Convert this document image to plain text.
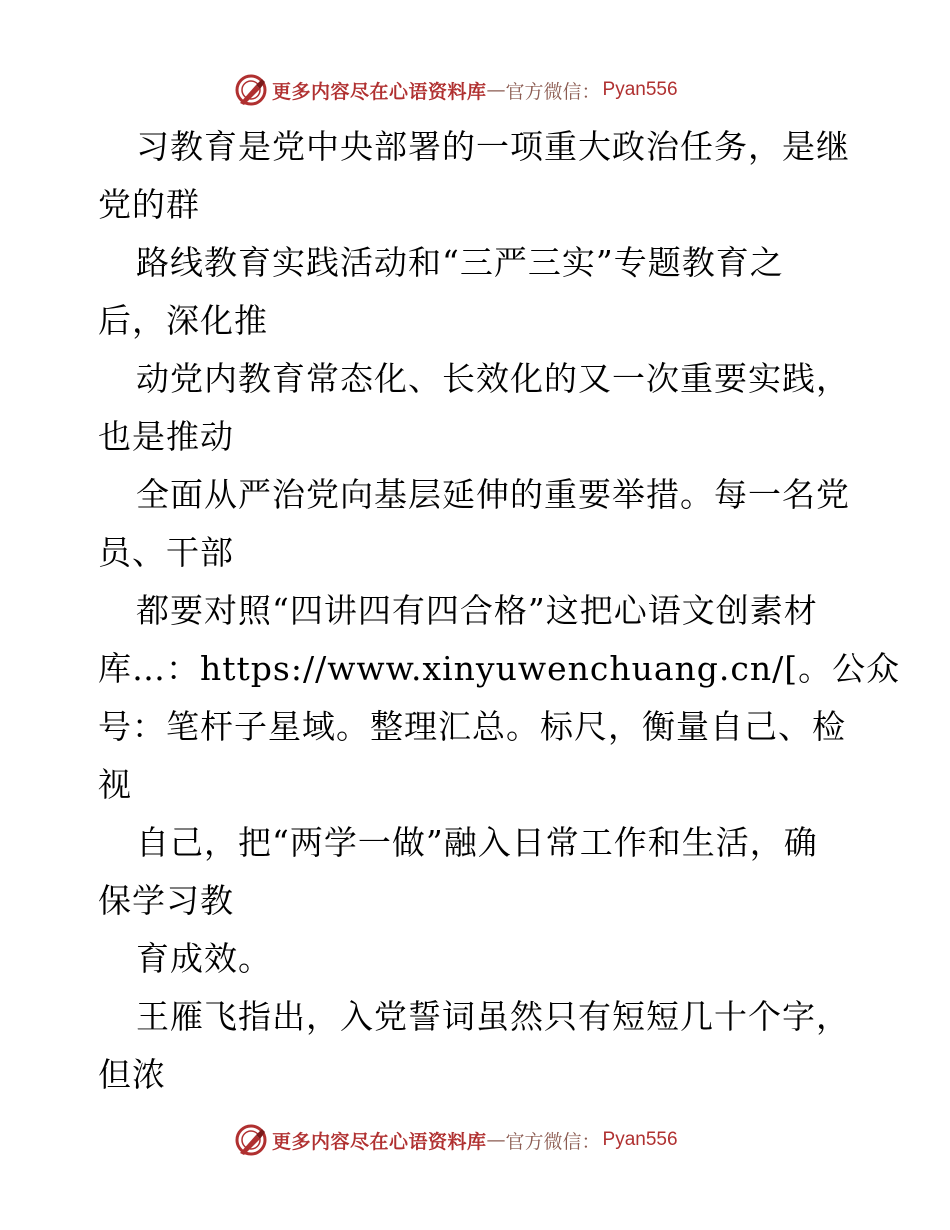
更多内容尽在心语资料库 — 官方微信： Pyan556
习教育是党中央部署的一项重大政治任务，是继
党的群
路线教育实践活动和“三严三实”专题教育之
后，深化推
动党内教育常态化、长效化的又一次重要实践，
也是推动
全面从严治党向基层延伸的重要举措。每一名党
员、干部
都要对照“四讲四有四合格”这把心语文创素材
库…：https://www.xinyuwenchuang.cn/[。公众
号：笔杆子星域。整理汇总。标尺，衡量自己、检
视
自己，把“两学一做”融入日常工作和生活，确
保学习教
育成效。
王雁飞指出，入党誓词虽然只有短短几十个字，
但浓
更多内容尽在心语资料库 — 官方微信： Pyan556
